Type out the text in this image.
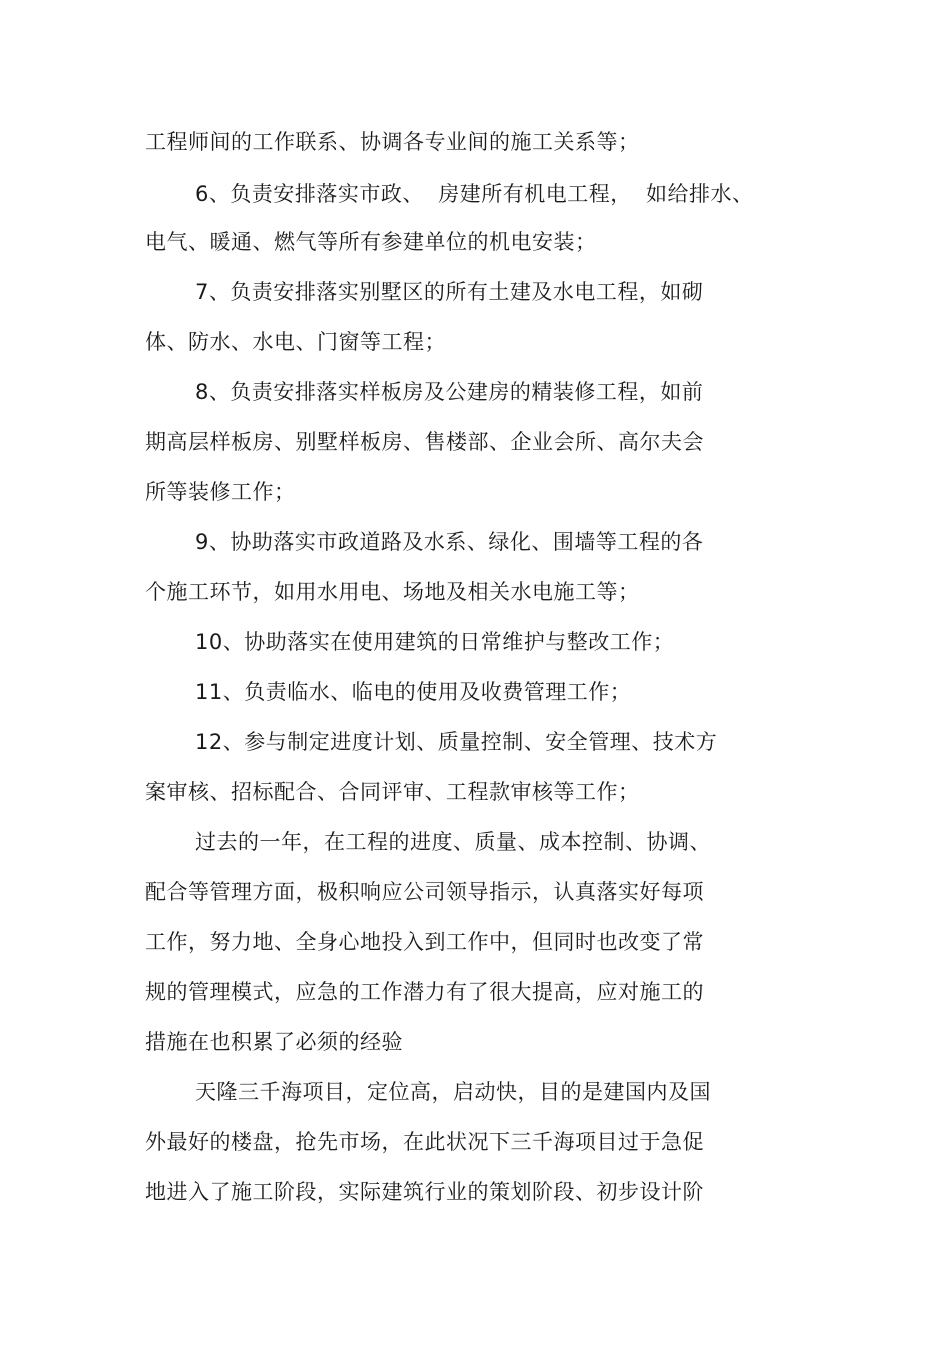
工程师间的工作联系、协调各专业间的施工关系等；
6、负责安排落实市政、  房建所有机电工程，  如给排水、
电气、暖通、燃气等所有参建单位的机电安装；
7、负责安排落实别墅区的所有土建及水电工程，如砌
体、防水、水电、门窗等工程；
8、负责安排落实样板房及公建房的精装修工程，如前
期高层样板房、别墅样板房、售楼部、企业会所、高尔夫会
所等装修工作；
9、协助落实市政道路及水系、绿化、围墙等工程的各
个施工环节，如用水用电、场地及相关水电施工等；
10、协助落实在使用建筑的日常维护与整改工作；
11、负责临水、临电的使用及收费管理工作；
12、参与制定进度计划、质量控制、安全管理、技术方
案审核、招标配合、合同评审、工程款审核等工作；
过去的一年，在工程的进度、质量、成本控制、协调、
配合等管理方面，极积响应公司领导指示，认真落实好每项
工作，努力地、全身心地投入到工作中，但同时也改变了常
规的管理模式，应急的工作潜力有了很大提高，应对施工的
措施在也积累了必须的经验
天隆三千海项目，定位高，启动快，目的是建国内及国
外最好的楼盘，抢先市场，在此状况下三千海项目过于急促
地进入了施工阶段，实际建筑行业的策划阶段、初步设计阶
